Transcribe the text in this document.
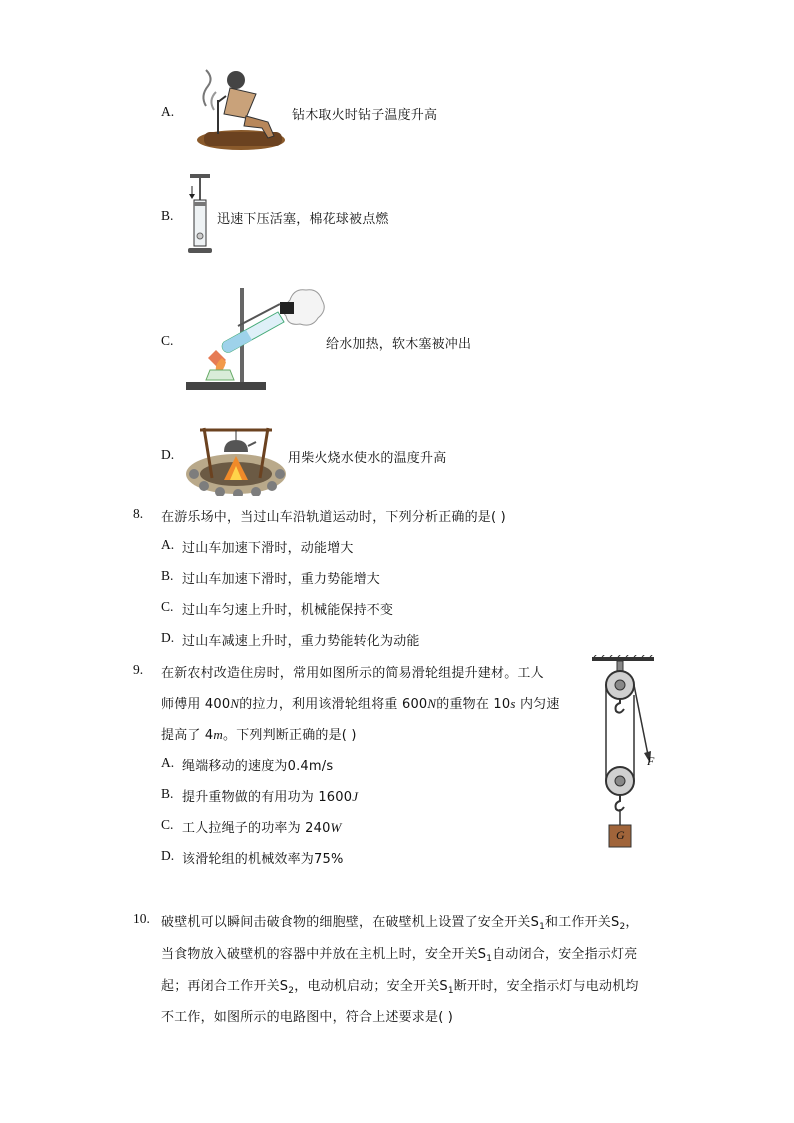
A.	钻木取火时钻子温度升高
B.	迅速下压活塞，棉花球被点燃
C.	给水加热，软木塞被冲出
D.	用柴火烧水使水的温度升高
8. 在游乐场中，当过山车沿轨道运动时，下列分析正确的是( )
A. 过山车加速下滑时，动能增大
B. 过山车加速下滑时，重力势能增大
C. 过山车匀速上升时，机械能保持不变
D. 过山车减速上升时，重力势能转化为动能
9. 在新农村改造住房时，常用如图所示的简易滑轮组提升建材。工人
师傅用 400N的拉力，利用该滑轮组将重 600N的重物在 10s 内匀速
提高了 4m。下列判断正确的是( )
A. 绳端移动的速度为0.4m/s
B. 提升重物做的有用功为 1600J
C. 工人拉绳子的功率为 240W
D. 该滑轮组的机械效率为75%
F
G
10. 破壁机可以瞬间击破食物的细胞壁，在破壁机上设置了安全开关$S_1$和工作开关$S_2$，
当食物放入破壁机的容器中并放在主机上时，安全开关$S_1$自动闭合，安全指示灯亮
起；再闭合工作开关$S_2$，电动机启动；安全开关$S_1$断开时，安全指示灯与电动机均
不工作，如图所示的电路图中，符合上述要求是( )
